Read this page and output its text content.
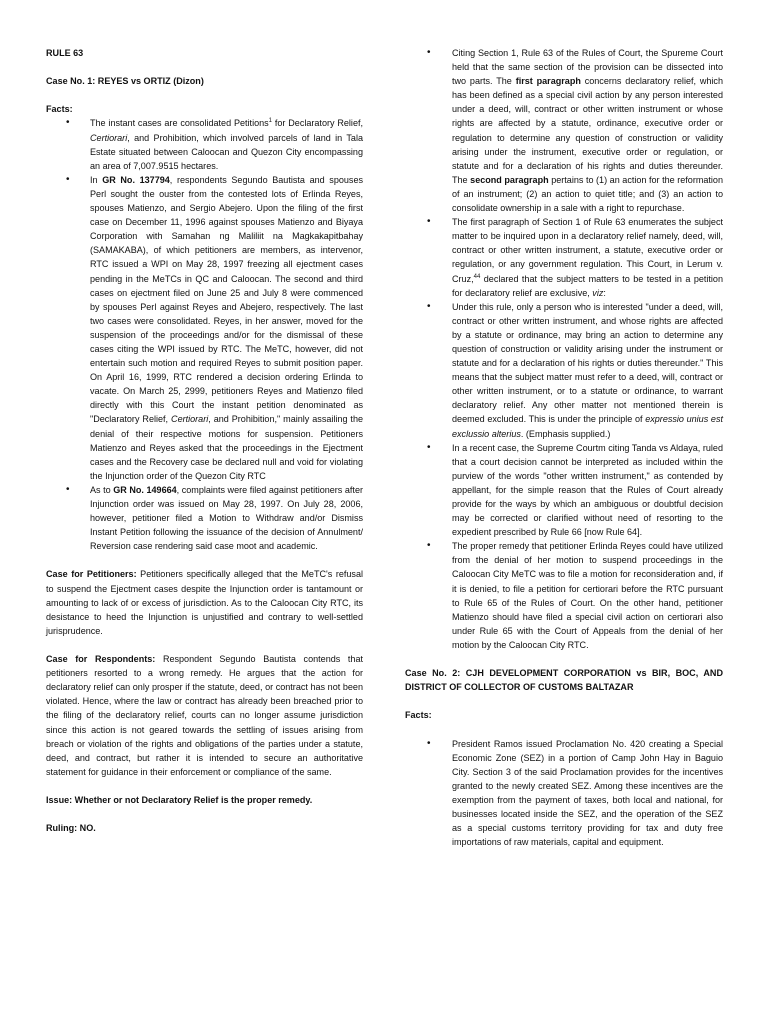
RULE 63

Case No. 1: REYES vs ORTIZ (Dizon)

Facts:

• The instant cases are consolidated Petitions$^1$ for Declaratory Relief, Certiorari, and Prohibition, which involved parcels of land in Tala Estate situated between Caloocan and Quezon City encompassing an area of 7,007.9515 hectares.
• In GR No. 137794, respondents Segundo Bautista and spouses Perl sought the ouster from the contested lots of Erlinda Reyes, spouses Matienzo, and Sergio Abejero. Upon the filing of the first case on December 11, 1996 against spouses Matienzo and Biyaya Corporation with Samahan ng Maliliit na Magkakapitbahay (SAMAKABA), of which petitioners are members, as intervenor, RTC issued a WPI on May 28, 1997 freezing all ejectment cases pending in the MeTCs in QC and Caloocan. The second and third cases on ejectment filed on June 25 and July 8 were commenced by spouses Perl against Reyes and Abejero, respectively. The last two cases were consolidated. Reyes, in her answer, moved for the suspension of the proceedings and/or for the dismissal of these cases citing the WPI issued by RTC. The MeTC, however, did not entertain such motion and required Reyes to submit position paper. On April 16, 1999, RTC rendered a decision ordering Erlinda to vacate. On March 25, 2999, petitioners Reyes and Matienzo filed directly with this Court the instant petition denominated as "Declaratory Relief, Certiorari, and Prohibition," mainly assailing the denial of their respective motions for suspension. Petitioners Matienzo and Reyes asked that the proceedings in the Ejectment cases and the Recovery case be declared null and void for violating the Injunction order of the Quezon City RTC
• As to GR No. 149664, complaints were filed against petitioners after Injunction order was issued on May 28, 1997. On July 28, 2006, however, petitioner filed a Motion to Withdraw and/or Dismiss Instant Petition following the issuance of the decision of Annulment/ Reversion case rendering said case moot and academic.

Case for Petitioners: Petitioners specifically alleged that the MeTC's refusal to suspend the Ejectment cases despite the Injunction order is tantamount or amounting to lack of or excess of jurisdiction. As to the Caloocan City RTC, its desistance to heed the Injunction is unjustified and contrary to well-settled jurisprudence.

Case for Respondents: Respondent Segundo Bautista contends that petitioners resorted to a wrong remedy. He argues that the action for declaratory relief can only prosper if the statute, deed, or contract has not been violated. Hence, where the law or contract has already been breached prior to the filing of the declaratory relief, courts can no longer assume jurisdiction since this action is not geared towards the settling of issues arising from breach or violation of the rights and obligations of the parties under a statute, deed, and contract, but rather it is intended to secure an authoritative statement for guidance in their enforcement or compliance of the same.

Issue: Whether or not Declaratory Relief is the proper remedy.

Ruling: NO.

• Citing Section 1, Rule 63 of the Rules of Court, the Spureme Court held that the same section of the provision can be dissected into two parts. The first paragraph concerns declaratory relief, which has been defined as a special civil action by any person interested under a deed, will, contract or other written instrument or whose rights are affected by a statute, ordinance, executive order or regulation to determine any question of construction or validity arising under the instrument, executive order or regulation, or statute and for a declaration of his rights and duties thereunder. The second paragraph pertains to (1) an action for the reformation of an instrument; (2) an action to quiet title; and (3) an action to consolidate ownership in a sale with a right to repurchase.
• The first paragraph of Section 1 of Rule 63 enumerates the subject matter to be inquired upon in a declaratory relief namely, deed, will, contract or other written instrument, a statute, executive order or regulation, or any government regulation. This Court, in Lerum v. Cruz,$^{44}$ declared that the subject matters to be tested in a petition for declaratory relief are exclusive, viz:
• Under this rule, only a person who is interested "under a deed, will, contract or other written instrument, and whose rights are affected by a statute or ordinance, may bring an action to determine any question of construction or validity arising under the instrument or statute and for a declaration of his rights or duties thereunder." This means that the subject matter must refer to a deed, will, contract or other written instrument, or to a statute or ordinance, to warrant declaratory relief. Any other matter not mentioned therein is deemed excluded. This is under the principle of expressio unius est exclussio alterius. (Emphasis supplied.)
• In a recent case, the Supreme Courtm citing Tanda vs Aldaya, ruled that a court decision cannot be interpreted as included within the purview of the words "other written instrument," as contended by appellant, for the simple reason that the Rules of Court already provide for the ways by which an ambiguous or doubtful decision may be corrected or clarified without need of resorting to the expedient prescribed by Rule 66 [now Rule 64].
• The proper remedy that petitioner Erlinda Reyes could have utilized from the denial of her motion to suspend proceedings in the Caloocan City MeTC was to file a motion for reconsideration and, if it is denied, to file a petition for certiorari before the RTC pursuant to Rule 65 of the Rules of Court. On the other hand, petitioner Matienzo should have filed a special civil action on certiorari also under Rule 65 with the Court of Appeals from the denial of her motion by the Caloocan City RTC.

Case No. 2: CJH DEVELOPMENT CORPORATION vs BIR, BOC, AND DISTRICT OF COLLECTOR OF CUSTOMS BALTAZAR

Facts:

• President Ramos issued Proclamation No. 420 creating a Special Economic Zone (SEZ) in a portion of Camp John Hay in Baguio City. Section 3 of the said Proclamation provides for the incentives granted to the newly created SEZ. Among these incentives are the exemption from the payment of taxes, both local and national, for businesses located inside the SEZ, and the operation of the SEZ as a special customs territory providing for tax and duty free importations of raw materials, capital and equipment.
